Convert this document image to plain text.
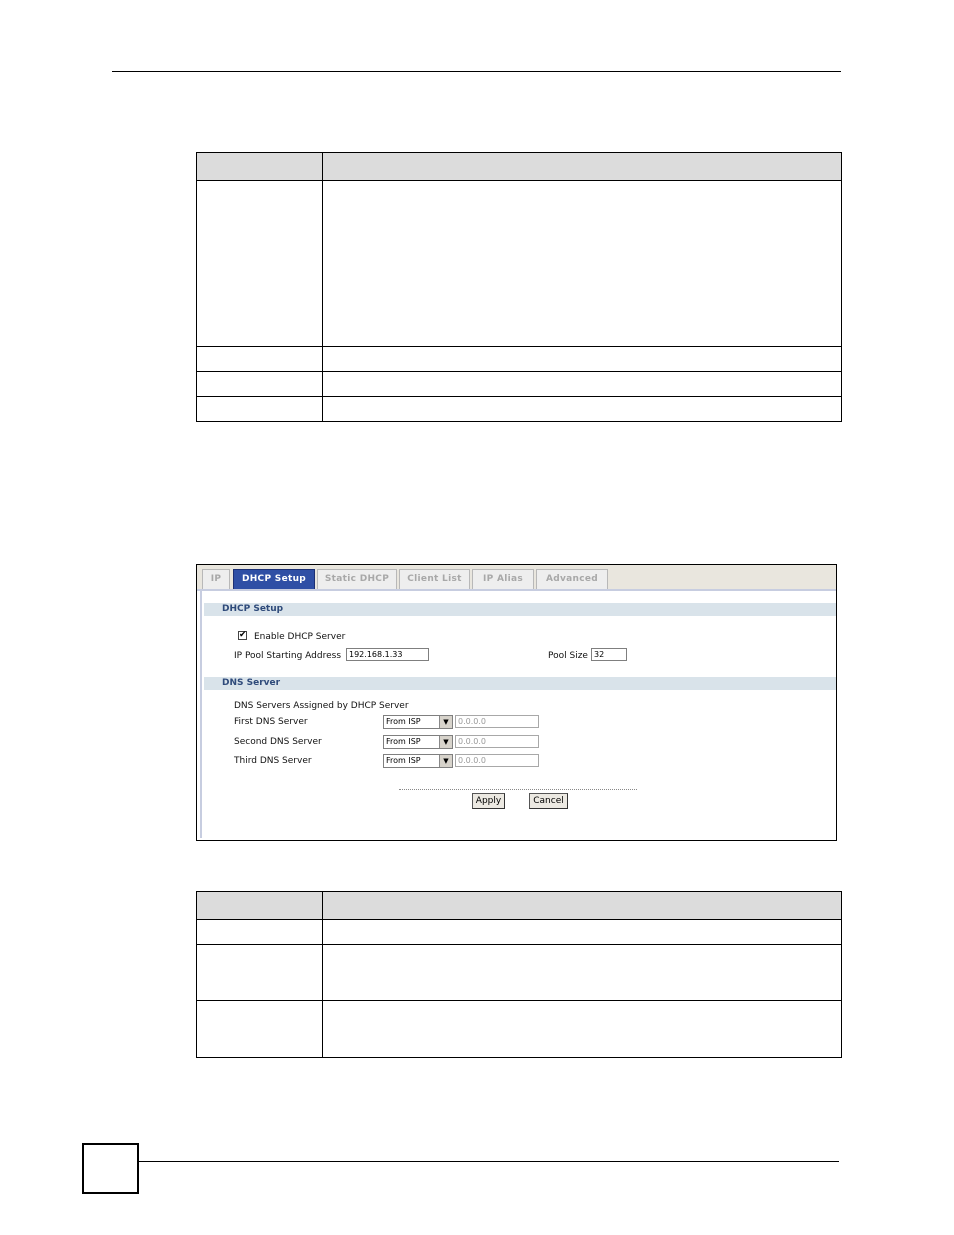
IP	DHCP Setup	Static DHCP	Client List	IP Alias	Advanced
DHCP Setup
✔ Enable DHCP Server
IP Pool Starting Address 192.168.1.33	Pool Size 32
DNS Server
DNS Servers Assigned by DHCP Server
First DNS Server	From ISP	▼	0.0.0.0
Second DNS Server	From ISP	▼	0.0.0.0
Third DNS Server	From ISP	▼	0.0.0.0
Apply	Cancel
